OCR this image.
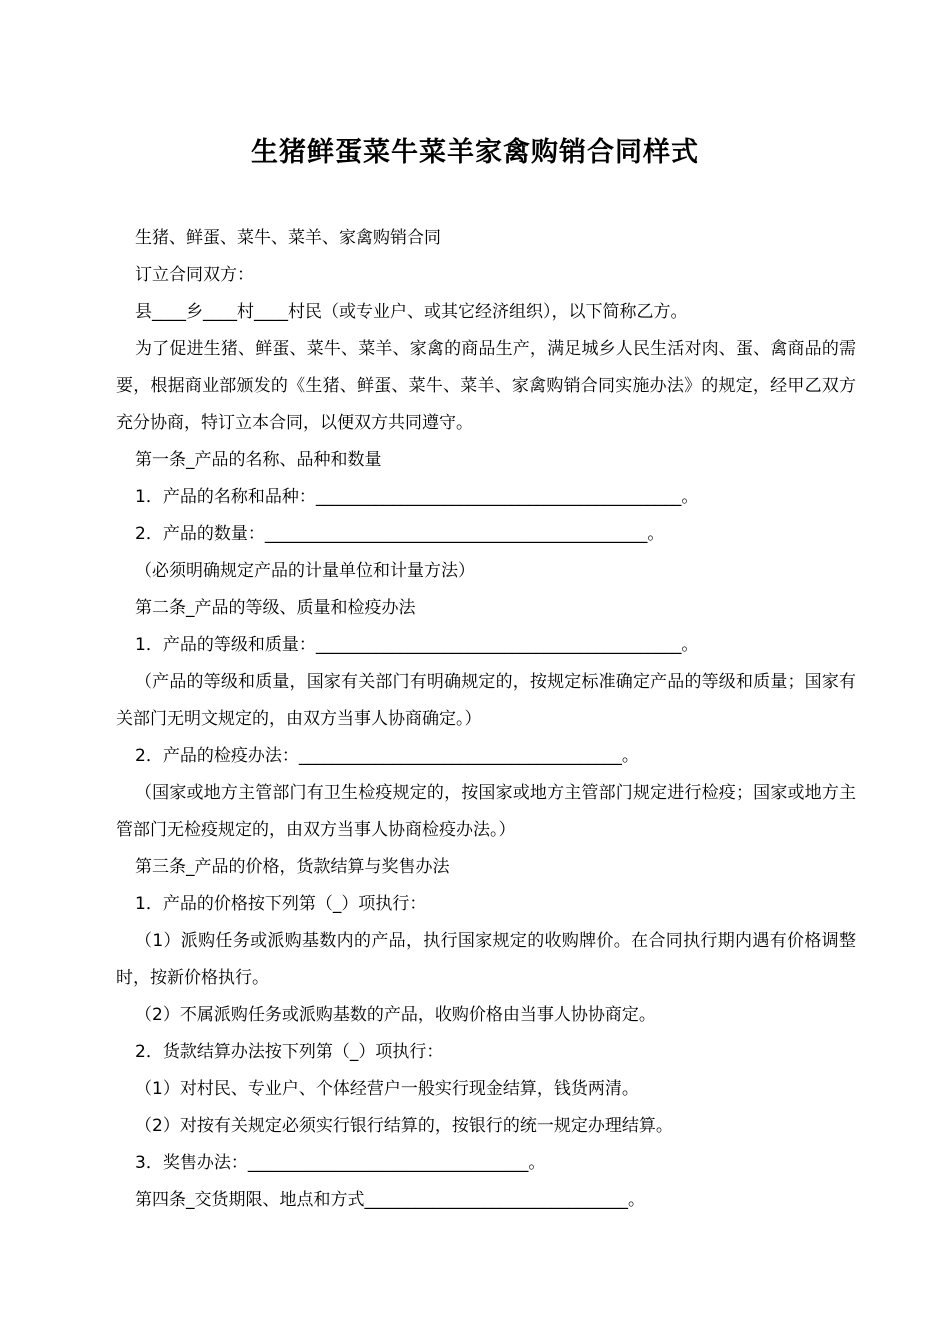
生猪鲜蛋菜牛菜羊家禽购销合同样式

生猪、鲜蛋、菜牛、菜羊、家禽购销合同

订立合同双方：

县____乡____村____村民（或专业户、或其它经济组织），以下简称乙方。

为了促进生猪、鲜蛋、菜牛、菜羊、家禽的商品生产，满足城乡人民生活对肉、蛋、禽商品的需要，根据商业部颁发的《生猪、鲜蛋、菜牛、菜羊、家禽购销合同实施办法》的规定，经甲乙双方充分协商，特订立本合同，以便双方共同遵守。

第一条_产品的名称、品种和数量

1．产品的名称和品种：___________________________________________。

2．产品的数量：_____________________________________________。

（必须明确规定产品的计量单位和计量方法）

第二条_产品的等级、质量和检疫办法

1．产品的等级和质量：___________________________________________。

（产品的等级和质量，国家有关部门有明确规定的，按规定标准确定产品的等级和质量；国家有关部门无明文规定的，由双方当事人协商确定。）

2．产品的检疫办法：______________________________________。

（国家或地方主管部门有卫生检疫规定的，按国家或地方主管部门规定进行检疫；国家或地方主管部门无检疫规定的，由双方当事人协商检疫办法。）

第三条_产品的价格，货款结算与奖售办法

1．产品的价格按下列第（_）项执行：

（1）派购任务或派购基数内的产品，执行国家规定的收购牌价。在合同执行期内遇有价格调整时，按新价格执行。

（2）不属派购任务或派购基数的产品，收购价格由当事人协协商定。

2．货款结算办法按下列第（_）项执行：

（1）对村民、专业户、个体经营户一般实行现金结算，钱货两清。

（2）对按有关规定必须实行银行结算的，按银行的统一规定办理结算。

3．奖售办法：_________________________________。

第四条_交货期限、地点和方式_______________________________。
